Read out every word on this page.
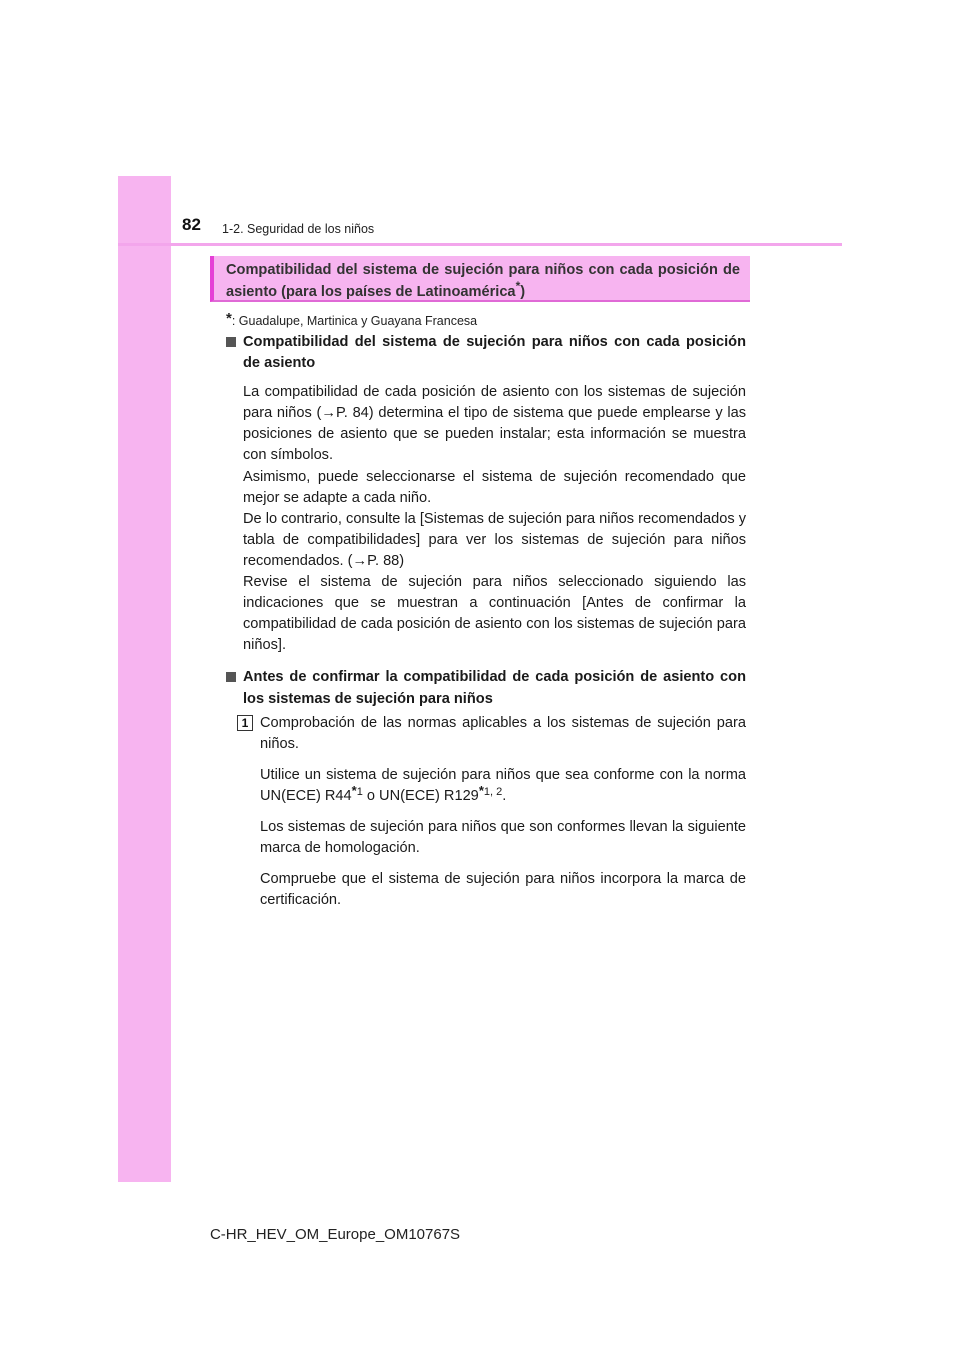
82 1-2. Seguridad de los niños
Compatibilidad del sistema de sujeción para niños con cada posición de asiento (para los países de Latinoamérica*)
*: Guadalupe, Martinica y Guayana Francesa

Compatibilidad del sistema de sujeción para niños con cada posición de asiento

La compatibilidad de cada posición de asiento con los sistemas de sujeción para niños (→P. 84) determina el tipo de sistema que puede emplearse y las posiciones de asiento que se pueden instalar; esta información se muestra con símbolos.

Asimismo, puede seleccionarse el sistema de sujeción recomendado que mejor se adapte a cada niño.

De lo contrario, consulte la [Sistemas de sujeción para niños recomendados y tabla de compatibilidades] para ver los sistemas de sujeción para niños recomendados. (→P. 88)

Revise el sistema de sujeción para niños seleccionado siguiendo las indicaciones que se muestran a continuación [Antes de confirmar la compatibilidad de cada posición de asiento con los sistemas de sujeción para niños].

Antes de confirmar la compatibilidad de cada posición de asiento con los sistemas de sujeción para niños

1 Comprobación de las normas aplicables a los sistemas de sujeción para niños.

Utilice un sistema de sujeción para niños que sea conforme con la norma UN(ECE) R44$^{*1}$ o UN(ECE) R129$^{*1, 2}$.

Los sistemas de sujeción para niños que son conformes llevan la siguiente marca de homologación.

Compruebe que el sistema de sujeción para niños incorpora la marca de certificación.

C-HR_HEV_OM_Europe_OM10767S
